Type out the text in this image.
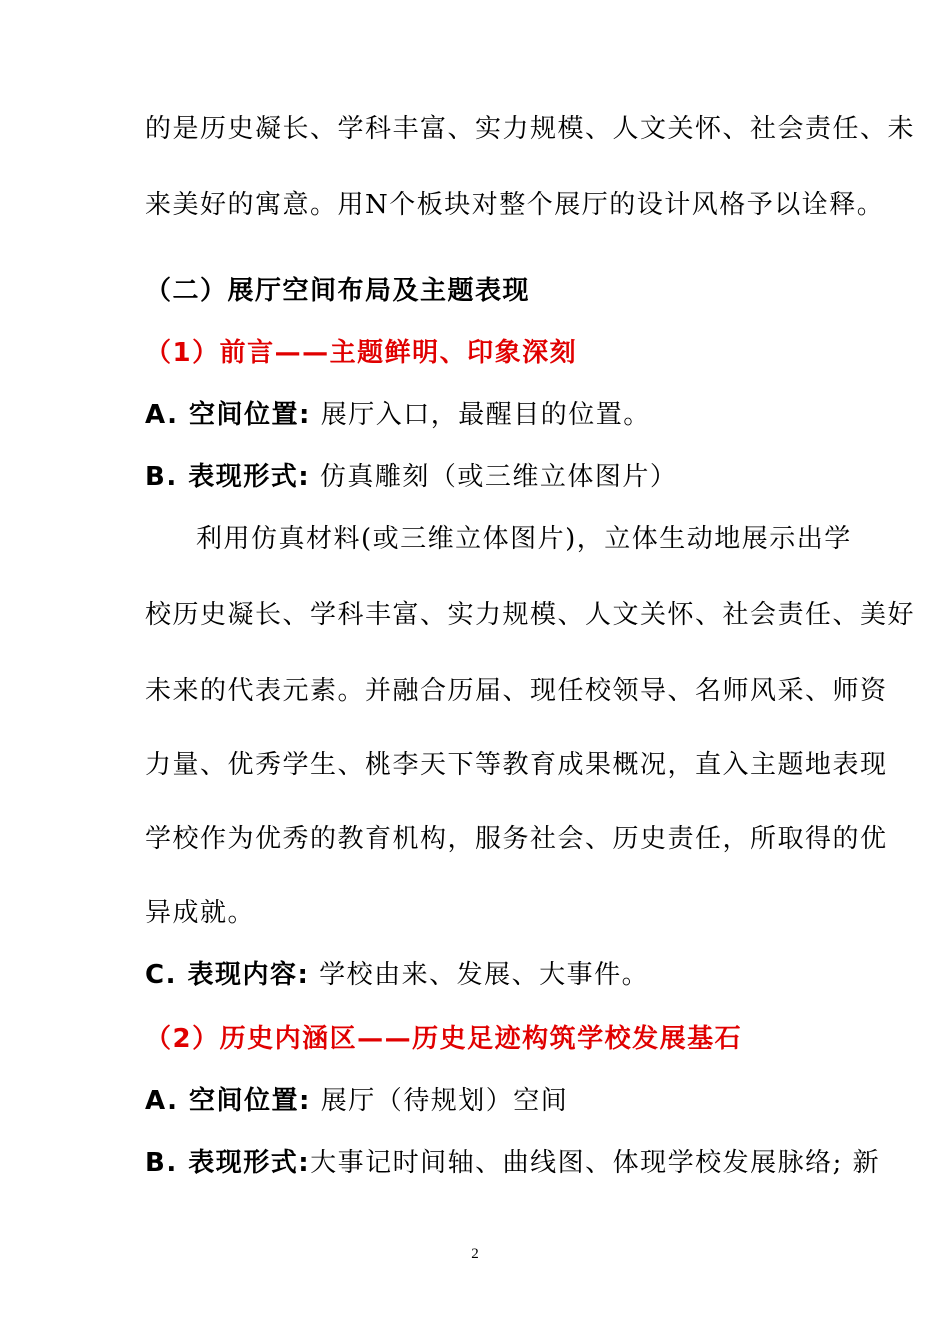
的是历史凝长、学科丰富、实力规模、人文关怀、社会责任、未
来美好的寓意。用N个板块对整个展厅的设计风格予以诠释。
（二）展厅空间布局及主题表现
（1）前言——主题鲜明、印象深刻
A. 空间位置: 展厅入口，最醒目的位置。
B. 表现形式: 仿真雕刻（或三维立体图片）
利用仿真材料(或三维立体图片)，立体生动地展示出学
校历史凝长、学科丰富、实力规模、人文关怀、社会责任、美好
未来的代表元素。并融合历届、现任校领导、名师风采、师资
力量、优秀学生、桃李天下等教育成果概况，直入主题地表现
学校作为优秀的教育机构，服务社会、历史责任，所取得的优
异成就。
C. 表现内容: 学校由来、发展、大事件。
（2）历史内涵区——历史足迹构筑学校发展基石
A. 空间位置: 展厅（待规划）空间
B. 表现形式:大事记时间轴、曲线图、体现学校发展脉络; 新
2
